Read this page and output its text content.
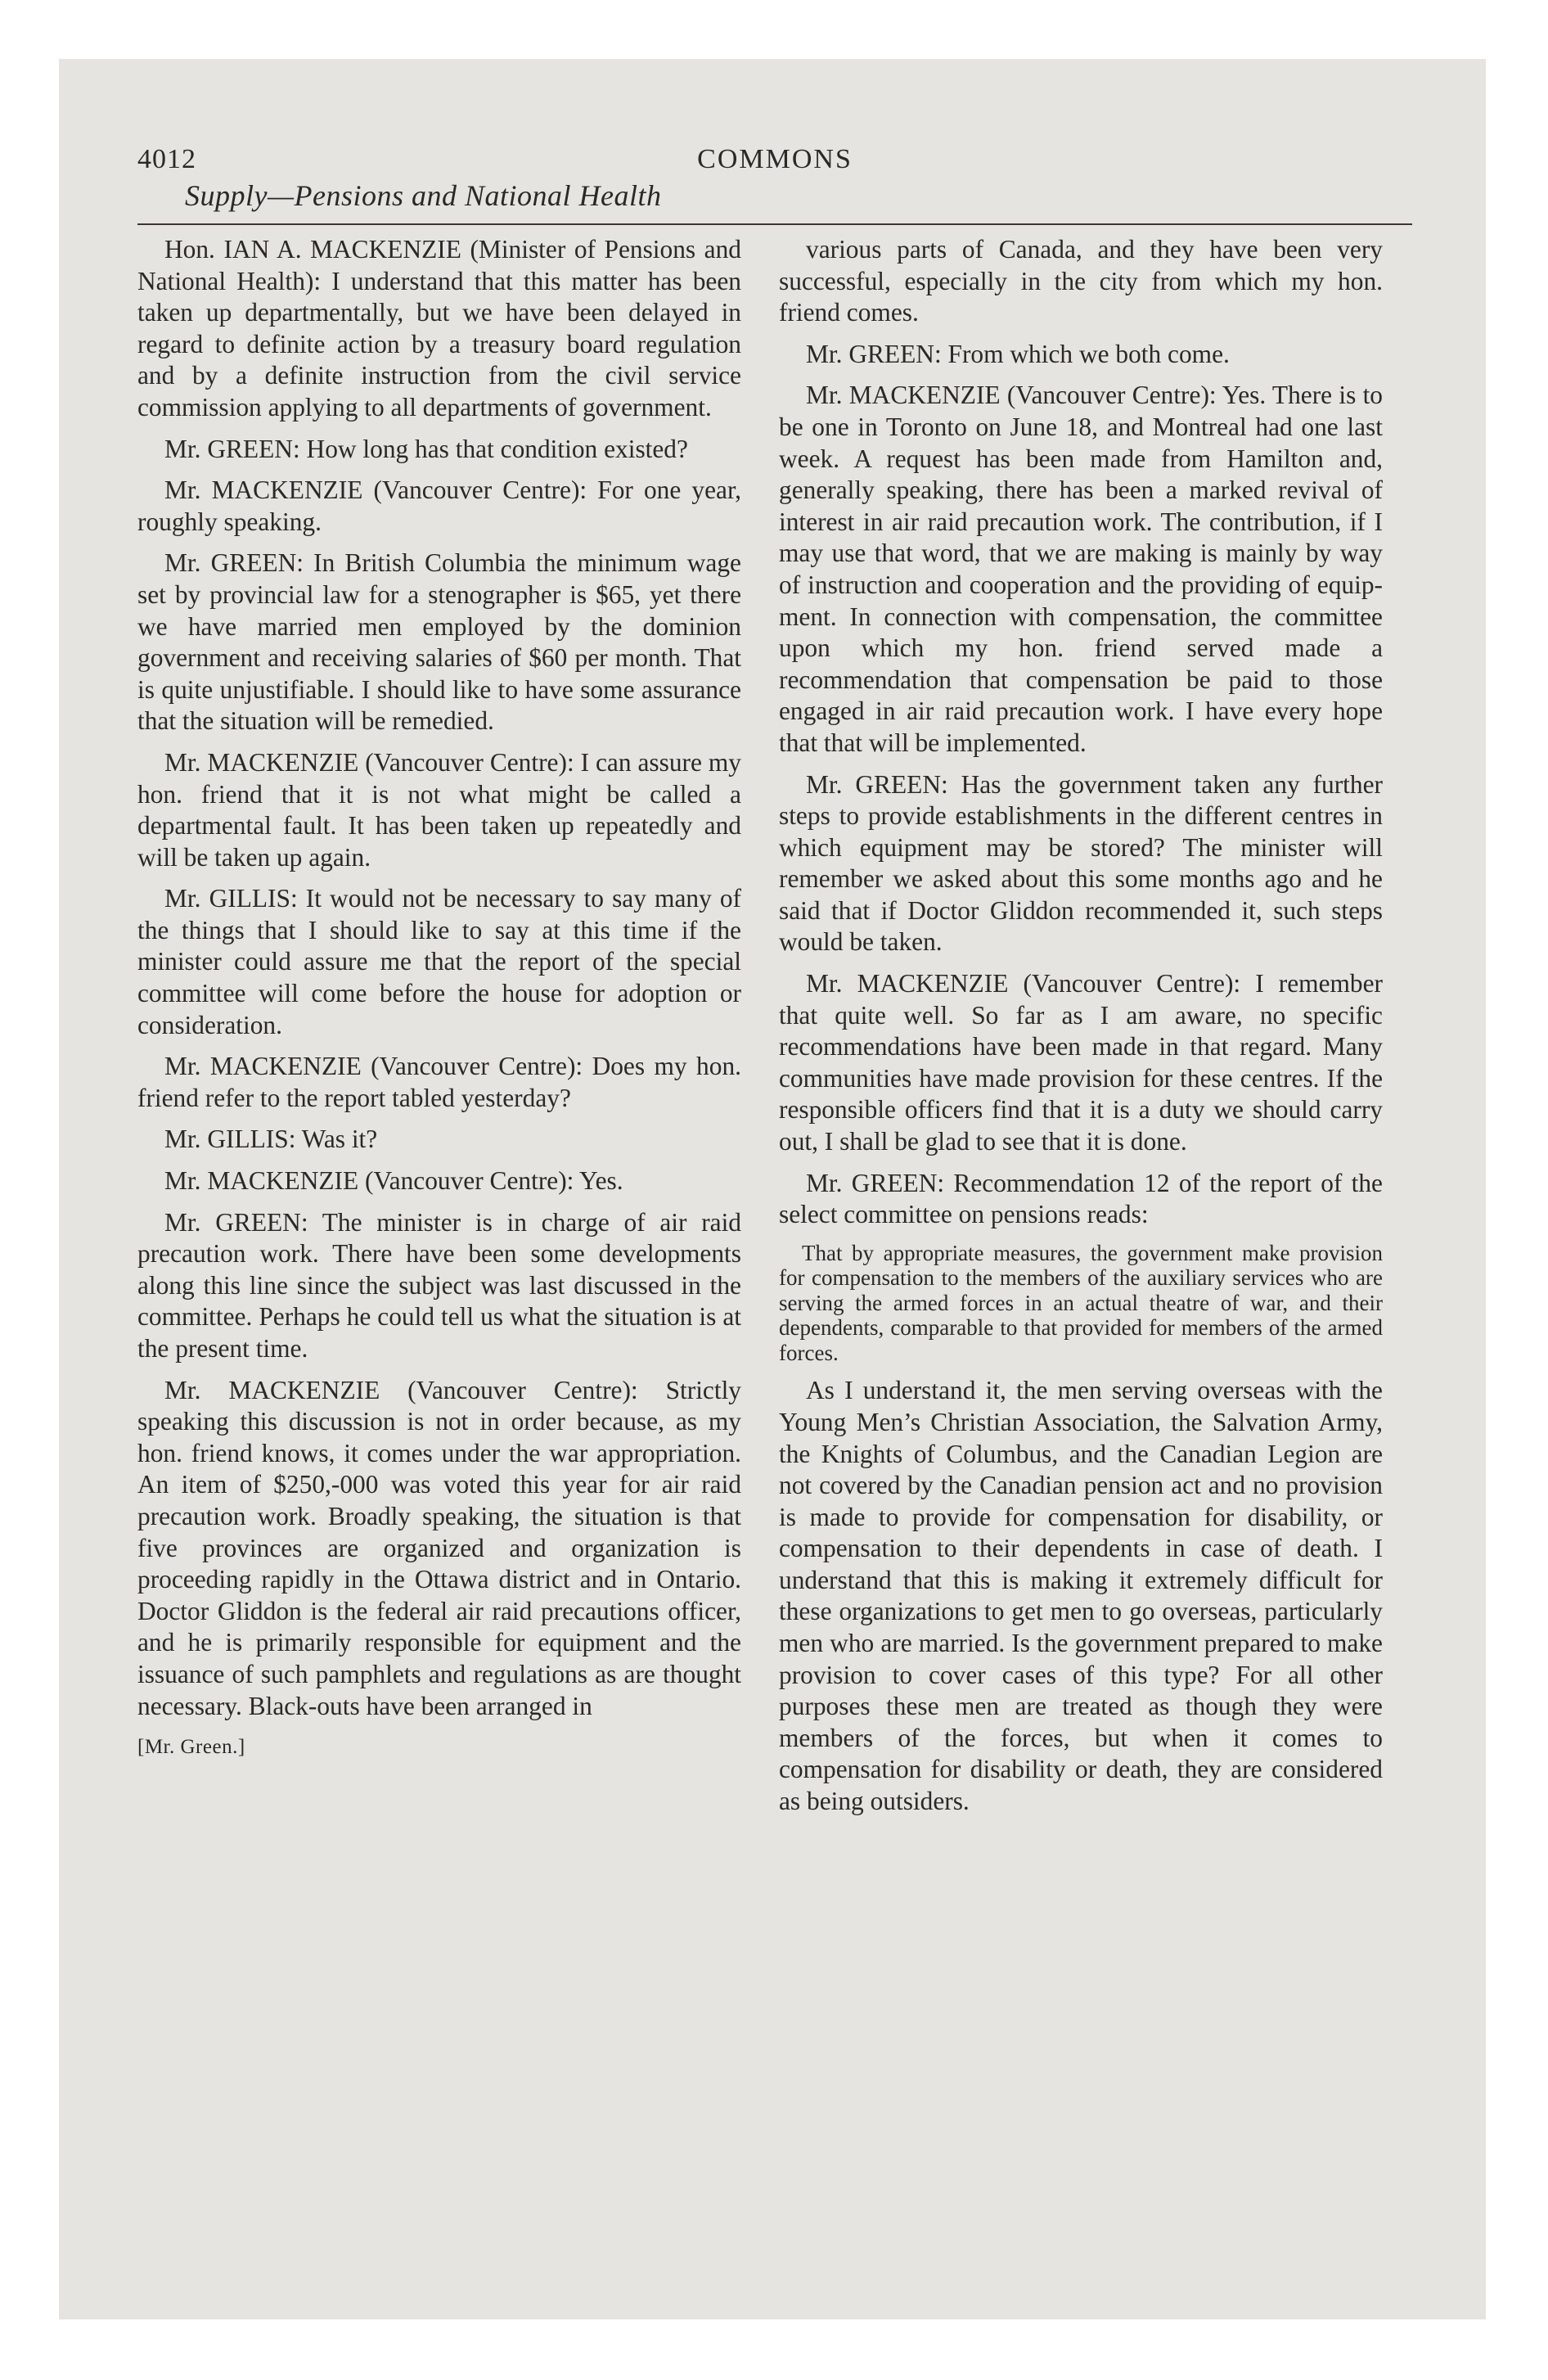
4012	COMMONS
Supply—Pensions and National Health

Hon. IAN A. MACKENZIE (Minister of Pensions and National Health): I understand that this matter has been taken up departmentally, but we have been delayed in regard to definite action by a treasury board regulation and by a definite instruction from the civil service commission applying to all departments of government.

Mr. GREEN: How long has that condition existed?

Mr. MACKENZIE (Vancouver Centre): For one year, roughly speaking.

Mr. GREEN: In British Columbia the minimum wage set by provincial law for a stenographer is $65, yet there we have married men employed by the dominion government and receiving salaries of $60 per month. That is quite unjustifiable. I should like to have some assurance that the situation will be remedied.

Mr. MACKENZIE (Vancouver Centre): I can assure my hon. friend that it is not what might be called a departmental fault. It has been taken up repeatedly and will be taken up again.

Mr. GILLIS: It would not be necessary to say many of the things that I should like to say at this time if the minister could assure me that the report of the special committee will come before the house for adoption or consideration.

Mr. MACKENZIE (Vancouver Centre): Does my hon. friend refer to the report tabled yesterday?

Mr. GILLIS: Was it?

Mr. MACKENZIE (Vancouver Centre): Yes.

Mr. GREEN: The minister is in charge of air raid precaution work. There have been some developments along this line since the subject was last discussed in the committee. Perhaps he could tell us what the situation is at the present time.

Mr. MACKENZIE (Vancouver Centre): Strictly speaking this discussion is not in order because, as my hon. friend knows, it comes under the war appropriation. An item of $250,-000 was voted this year for air raid precaution work. Broadly speaking, the situation is that five provinces are organized and organization is proceeding rapidly in the Ottawa district and in Ontario. Doctor Gliddon is the federal air raid precautions officer, and he is primarily responsible for equipment and the issuance of such pamphlets and regulations as are thought necessary. Black-outs have been arranged in

[Mr. Green.]

various parts of Canada, and they have been very successful, especially in the city from which my hon. friend comes.

Mr. GREEN: From which we both come.

Mr. MACKENZIE (Vancouver Centre): Yes. There is to be one in Toronto on June 18, and Montreal had one last week. A request has been made from Hamilton and, generally speaking, there has been a marked revival of interest in air raid precaution work. The contribution, if I may use that word, that we are making is mainly by way of instruction and cooperation and the providing of equipment. In connection with compensation, the committee upon which my hon. friend served made a recommendation that compensation be paid to those engaged in air raid precaution work. I have every hope that that will be implemented.

Mr. GREEN: Has the government taken any further steps to provide establishments in the different centres in which equipment may be stored? The minister will remember we asked about this some months ago and he said that if Doctor Gliddon recommended it, such steps would be taken.

Mr. MACKENZIE (Vancouver Centre): I remember that quite well. So far as I am aware, no specific recommendations have been made in that regard. Many communities have made provision for these centres. If the responsible officers find that it is a duty we should carry out, I shall be glad to see that it is done.

Mr. GREEN: Recommendation 12 of the report of the select committee on pensions reads:

That by appropriate measures, the government make provision for compensation to the members of the auxiliary services who are serving the armed forces in an actual theatre of war, and their dependents, comparable to that provided for members of the armed forces.

As I understand it, the men serving overseas with the Young Men’s Christian Association, the Salvation Army, the Knights of Columbus, and the Canadian Legion are not covered by the Canadian pension act and no provision is made to provide for compensation for disability, or compensation to their dependents in case of death. I understand that this is making it extremely difficult for these organizations to get men to go overseas, particularly men who are married. Is the government prepared to make provision to cover cases of this type? For all other purposes these men are treated as though they were members of the forces, but when it comes to compensation for disability or death, they are considered as being outsiders.
